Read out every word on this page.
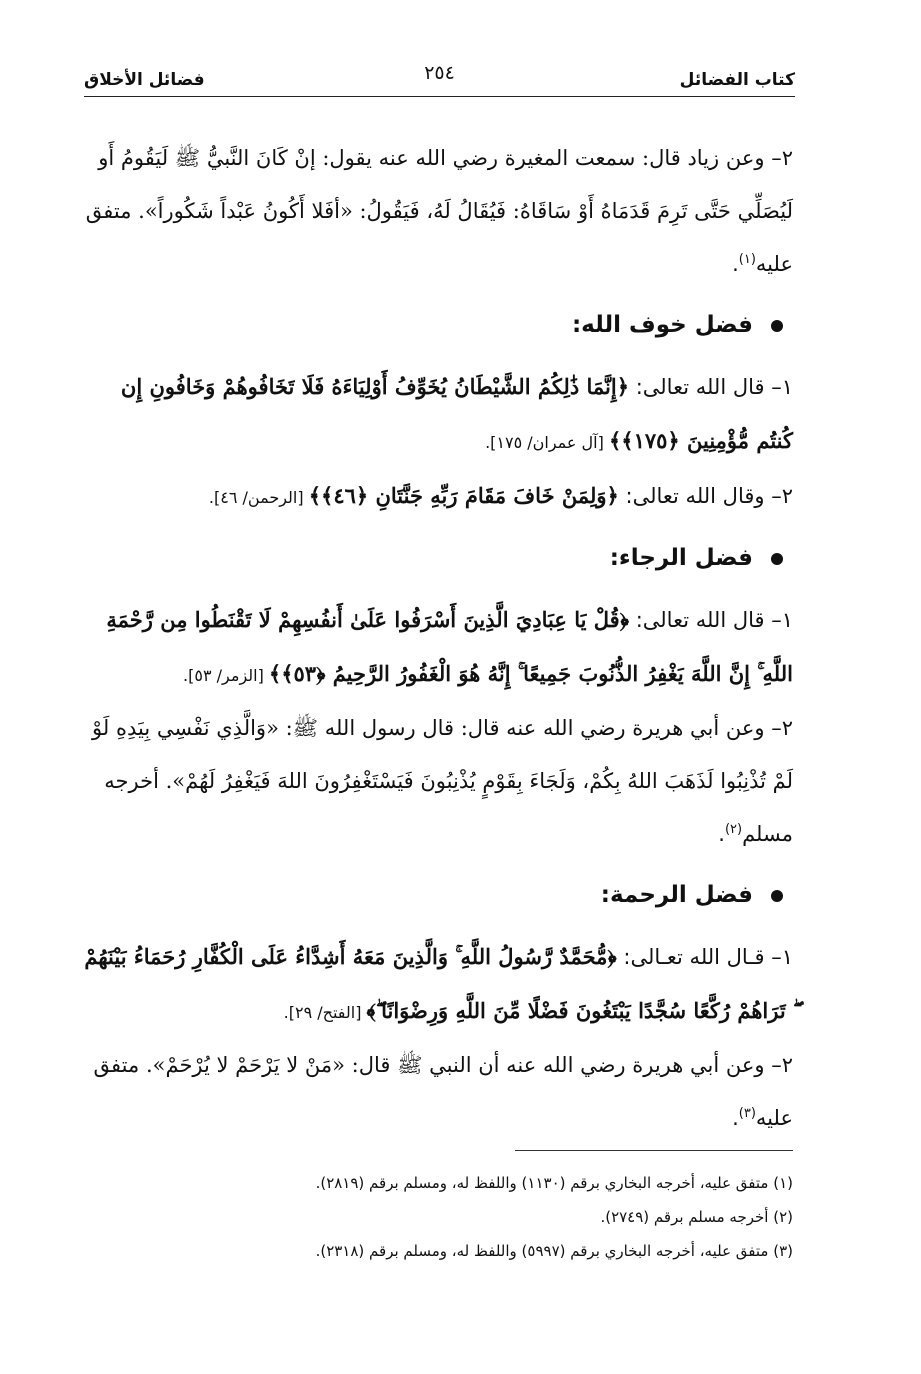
كتاب الفضائل
٢٥٤
فضائل الأخلاق

٢– وعن زياد قال: سمعت المغيرة رضي الله عنه يقول: إنْ كَانَ النَّبيُّ ﷺ لَيَقُومُ أَو لَيُصَلِّي حَتَّى تَرِمَ قَدَمَاهُ أَوْ سَاقَاهُ: فَيُقَالُ لَهُ، فَيَقُولُ: «أفَلا أَكُونُ عَبْداً شَكُوراً». متفق عليه$^{(١)}$.

فضل خوف الله:

١– قال الله تعالى: ﴿إِنَّمَا ذَٰلِكُمُ الشَّيْطَانُ يُخَوِّفُ أَوْلِيَاءَهُ فَلَا تَخَافُوهُمْ وَخَافُونِ إِن كُنتُم مُّؤْمِنِينَ ﴿١٧٥﴾﴾ [آل عمران/ ١٧٥].

٢– وقال الله تعالى: ﴿وَلِمَنْ خَافَ مَقَامَ رَبِّهِ جَنَّتَانِ ﴿٤٦﴾﴾ [الرحمن/ ٤٦].

فضل الرجاء:

١– قال الله تعالى: ﴿قُلْ يَا عِبَادِيَ الَّذِينَ أَسْرَفُوا عَلَىٰ أَنفُسِهِمْ لَا تَقْنَطُوا مِن رَّحْمَةِ اللَّهِ ۚ إِنَّ اللَّهَ يَغْفِرُ الذُّنُوبَ جَمِيعًا ۚ إِنَّهُ هُوَ الْغَفُورُ الرَّحِيمُ ﴿٥٣﴾﴾ [الزمر/ ٥٣].

٢– وعن أبي هريرة رضي الله عنه قال: قال رسول الله ﷺ: «وَالَّذِي نَفْسِي بِيَدِهِ لَوْ لَمْ تُذْنِبُوا لَذَهَبَ اللهُ بِكُمْ، وَلَجَاءَ بِقَوْمٍ يُذْنِبُونَ فَيَسْتَغْفِرُونَ اللهَ فَيَغْفِرُ لَهُمْ». أخرجه مسلم$^{(٢)}$.

فضل الرحمة:

١– قـال الله تعـالى: ﴿مُّحَمَّدٌ رَّسُولُ اللَّهِ ۚ وَالَّذِينَ مَعَهُ أَشِدَّاءُ عَلَى الْكُفَّارِ رُحَمَاءُ بَيْنَهُمْ ۖ تَرَاهُمْ رُكَّعًا سُجَّدًا يَبْتَغُونَ فَضْلًا مِّنَ اللَّهِ وَرِضْوَانًا ۖ﴾ [الفتح/ ٢٩].

٢– وعن أبي هريرة رضي الله عنه أن النبي ﷺ قال: «مَنْ لا يَرْحَمْ لا يُرْحَمْ». متفق عليه$^{(٣)}$.

(١) متفق عليه، أخرجه البخاري برقم (١١٣٠) واللفظ له، ومسلم برقم (٢٨١٩).
(٢) أخرجه مسلم برقم (٢٧٤٩).
(٣) متفق عليه، أخرجه البخاري برقم (٥٩٩٧) واللفظ له، ومسلم برقم (٢٣١٨).
